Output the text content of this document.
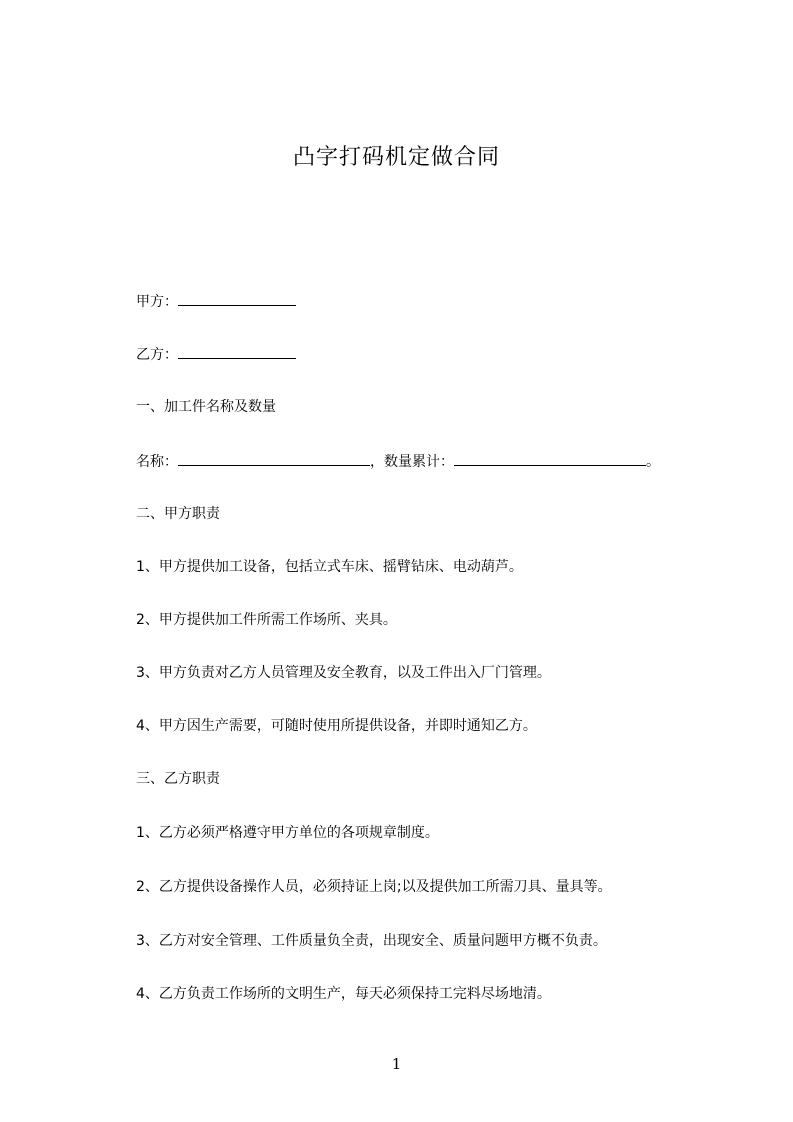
凸字打码机定做合同
甲方：
乙方：
一、加工件名称及数量
名称：	，数量累计：	。
二、甲方职责
1、甲方提供加工设备，包括立式车床、摇臂钻床、电动葫芦。
2、甲方提供加工件所需工作场所、夹具。
3、甲方负责对乙方人员管理及安全教育，以及工件出入厂门管理。
4、甲方因生产需要，可随时使用所提供设备，并即时通知乙方。
三、乙方职责
1、乙方必须严格遵守甲方单位的各项规章制度。
2、乙方提供设备操作人员，必须持证上岗;以及提供加工所需刀具、量具等。
3、乙方对安全管理、工件质量负全责，出现安全、质量问题甲方概不负责。
4、乙方负责工作场所的文明生产，每天必须保持工完料尽场地清。
1
